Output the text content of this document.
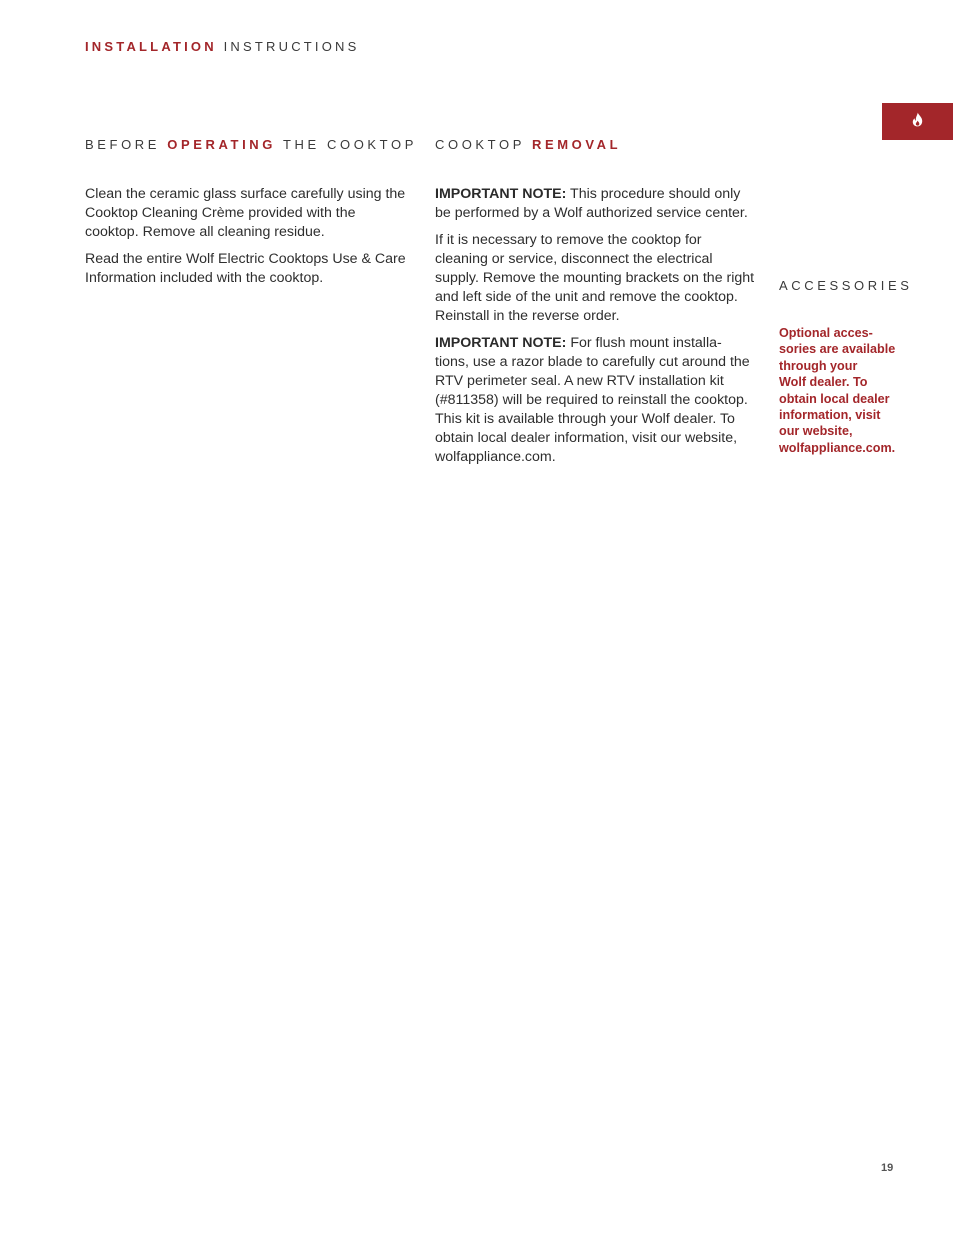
INSTALLATION INSTRUCTIONS
BEFORE OPERATING THE COOKTOP

Clean the ceramic glass surface carefully using the Cooktop Cleaning Crème provided with the cooktop. Remove all cleaning residue.

Read the entire Wolf Electric Cooktops Use & Care Information included with the cooktop.

COOKTOP REMOVAL

IMPORTANT NOTE: This procedure should only be performed by a Wolf authorized service center.

If it is necessary to remove the cooktop for cleaning or service, disconnect the electrical supply. Remove the mounting brackets on the right and left side of the unit and remove the cooktop. Reinstall in the reverse order.

IMPORTANT NOTE: For flush mount installa- tions, use a razor blade to carefully cut around the RTV perimeter seal. A new RTV installation kit (#811358) will be required to reinstall the cooktop. This kit is available through your Wolf dealer. To obtain local dealer information, visit our website, wolfappliance.com.

ACCESSORIES
Optional acces-
sories are available
through your
Wolf dealer. To
obtain local dealer
information, visit
our website,
wolfappliance.com.
19
